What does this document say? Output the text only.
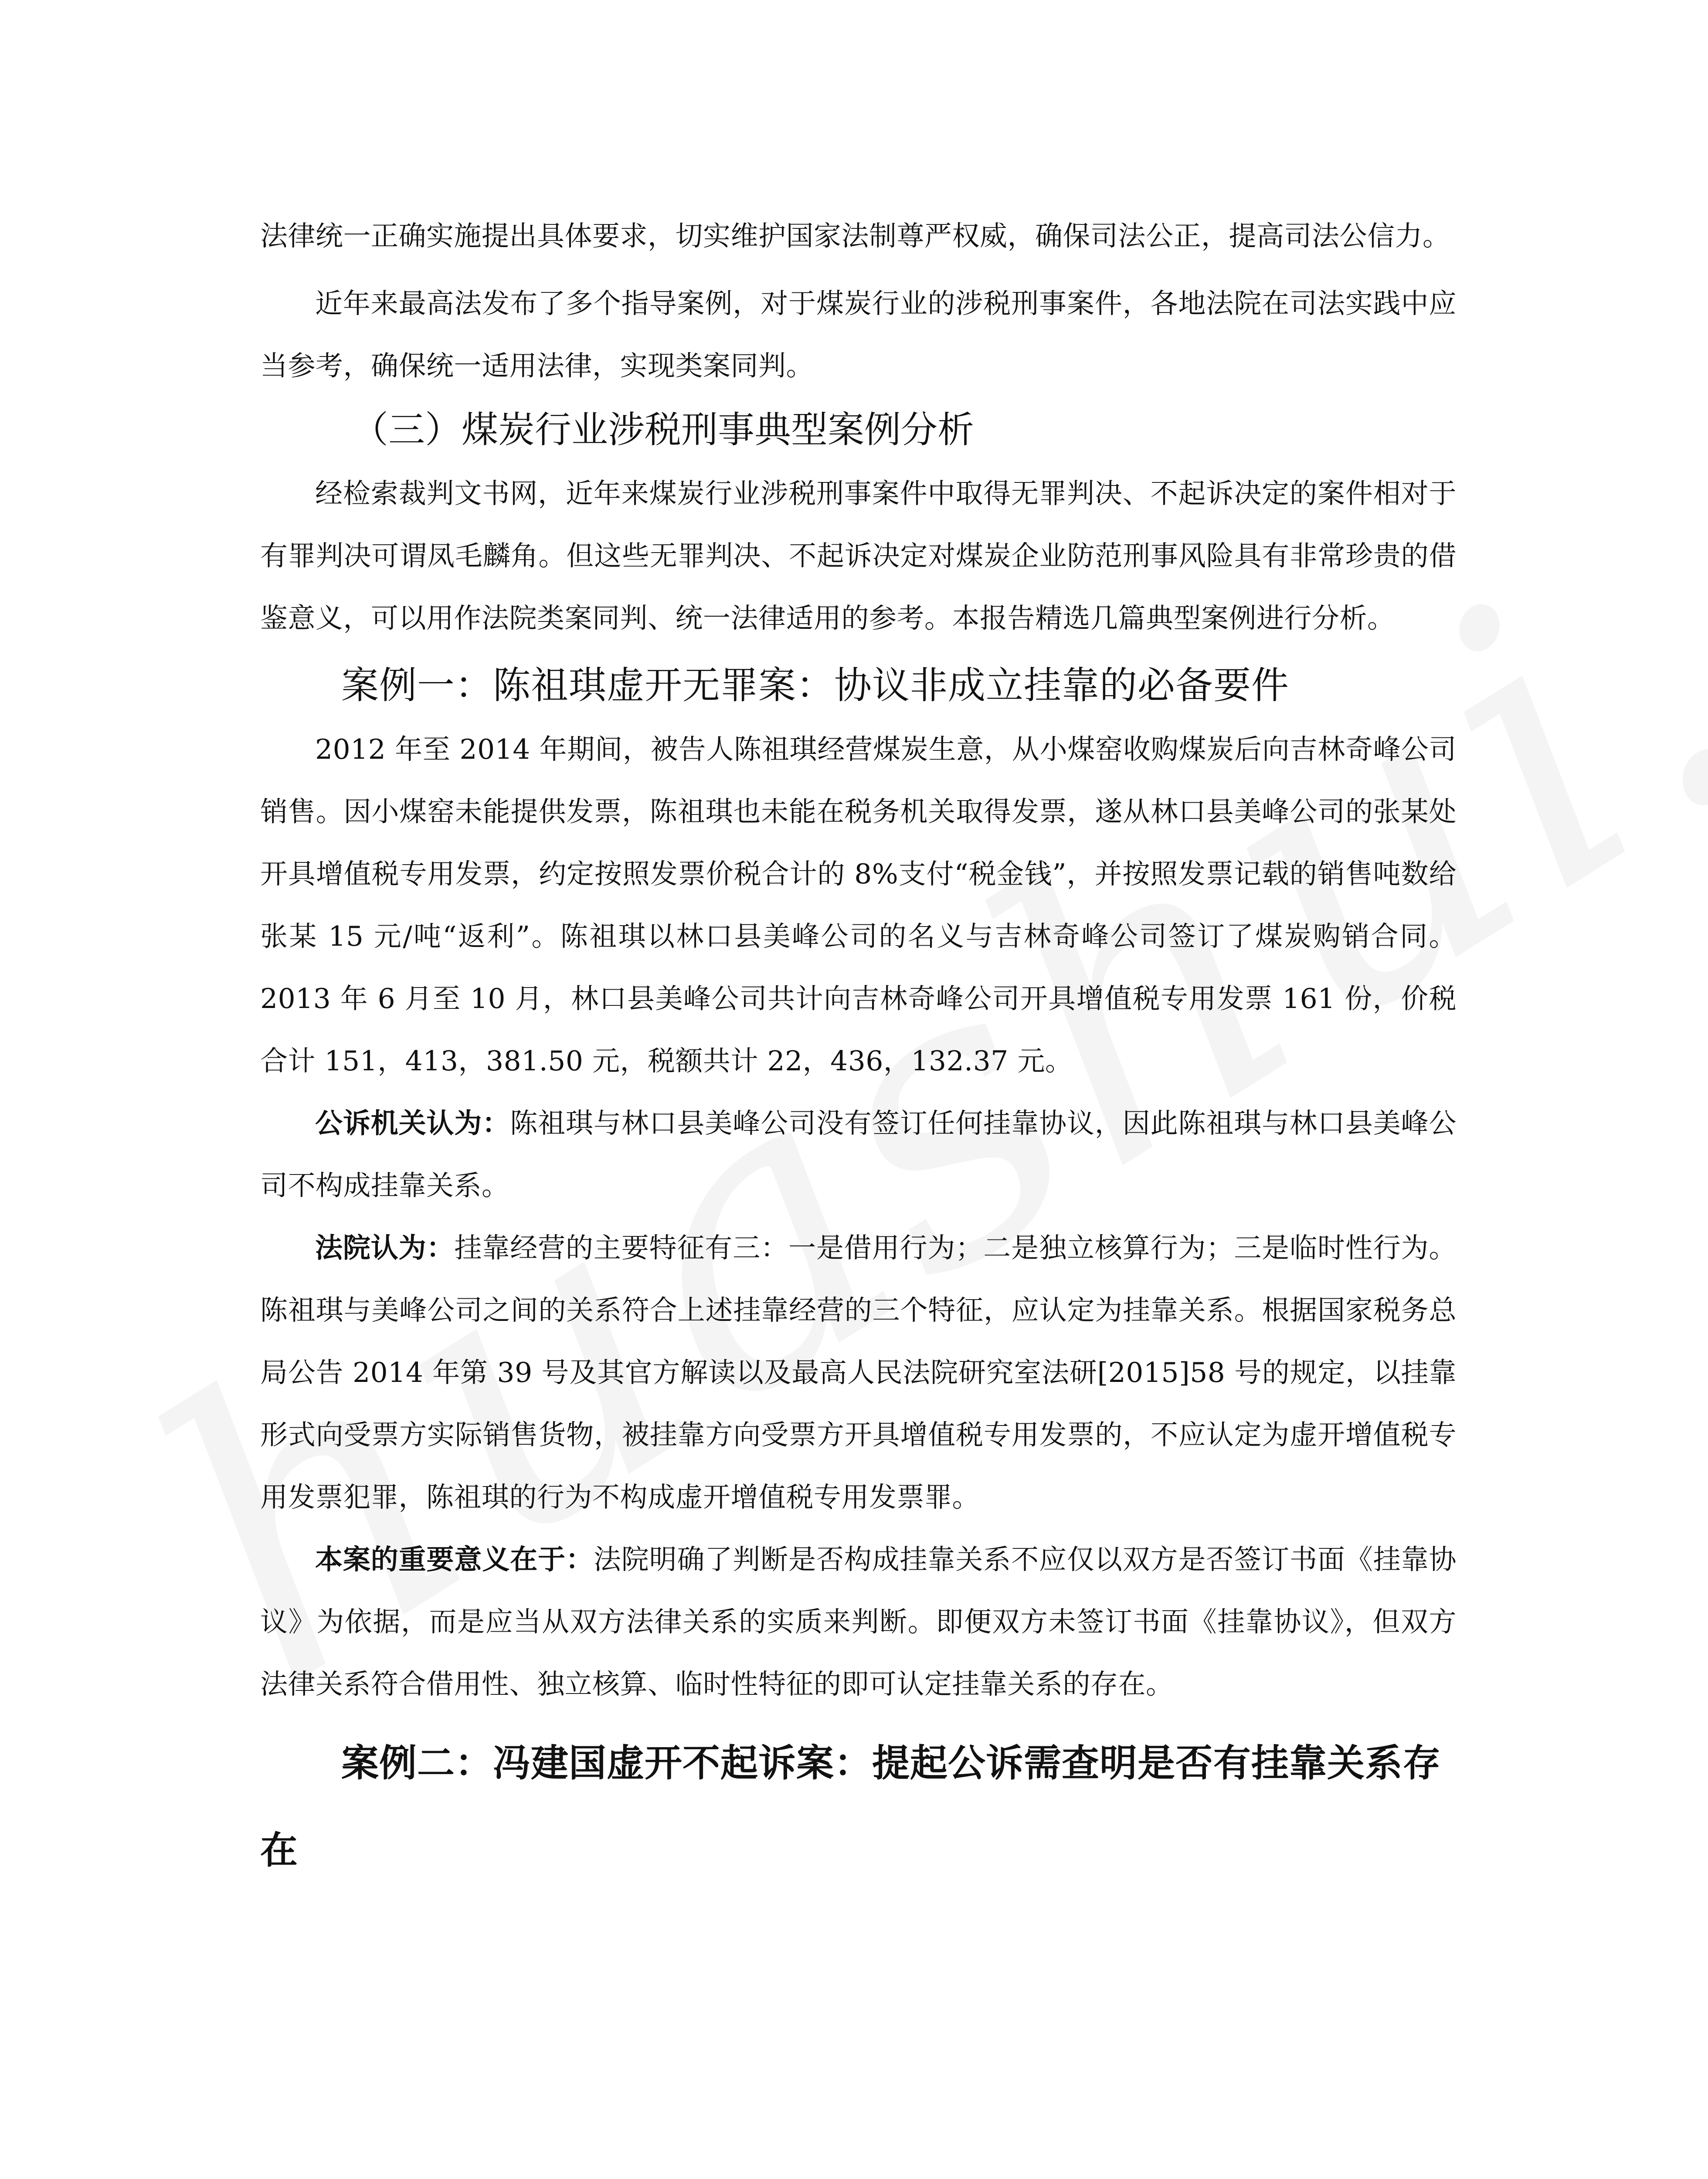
法律统一正确实施提出具体要求，切实维护国家法制尊严权威，确保司法公正，提高司法公信力。

近年来最高法发布了多个指导案例，对于煤炭行业的涉税刑事案件，各地法院在司法实践中应当参考，确保统一适用法律，实现类案同判。

（三）煤炭行业涉税刑事典型案例分析

经检索裁判文书网，近年来煤炭行业涉税刑事案件中取得无罪判决、不起诉决定的案件相对于有罪判决可谓凤毛麟角。但这些无罪判决、不起诉决定对煤炭企业防范刑事风险具有非常珍贵的借鉴意义，可以用作法院类案同判、统一法律适用的参考。本报告精选几篇典型案例进行分析。

案例一：陈祖琪虚开无罪案：协议非成立挂靠的必备要件

2012 年至 2014 年期间，被告人陈祖琪经营煤炭生意，从小煤窑收购煤炭后向吉林奇峰公司销售。因小煤窑未能提供发票，陈祖琪也未能在税务机关取得发票，遂从林口县美峰公司的张某处开具增值税专用发票，约定按照发票价税合计的 8%支付“税金钱”，并按照发票记载的销售吨数给张某 15 元/吨“返利”。陈祖琪以林口县美峰公司的名义与吉林奇峰公司签订了煤炭购销合同。2013 年 6 月至 10 月，林口县美峰公司共计向吉林奇峰公司开具增值税专用发票 161 份，价税合计 151，413，381.50 元，税额共计 22，436，132.37 元。

公诉机关认为：陈祖琪与林口县美峰公司没有签订任何挂靠协议，因此陈祖琪与林口县美峰公司不构成挂靠关系。

法院认为：挂靠经营的主要特征有三：一是借用行为；二是独立核算行为；三是临时性行为。陈祖琪与美峰公司之间的关系符合上述挂靠经营的三个特征，应认定为挂靠关系。根据国家税务总局公告 2014 年第 39 号及其官方解读以及最高人民法院研究室法研[2015]58 号的规定，以挂靠形式向受票方实际销售货物，被挂靠方向受票方开具增值税专用发票的，不应认定为虚开增值税专用发票犯罪，陈祖琪的行为不构成虚开增值税专用发票罪。

本案的重要意义在于：法院明确了判断是否构成挂靠关系不应仅以双方是否签订书面《挂靠协议》为依据，而是应当从双方法律关系的实质来判断。即便双方未签订书面《挂靠协议》，但双方法律关系符合借用性、独立核算、临时性特征的即可认定挂靠关系的存在。

案例二：冯建国虚开不起诉案：提起公诉需查明是否有挂靠关系存在
